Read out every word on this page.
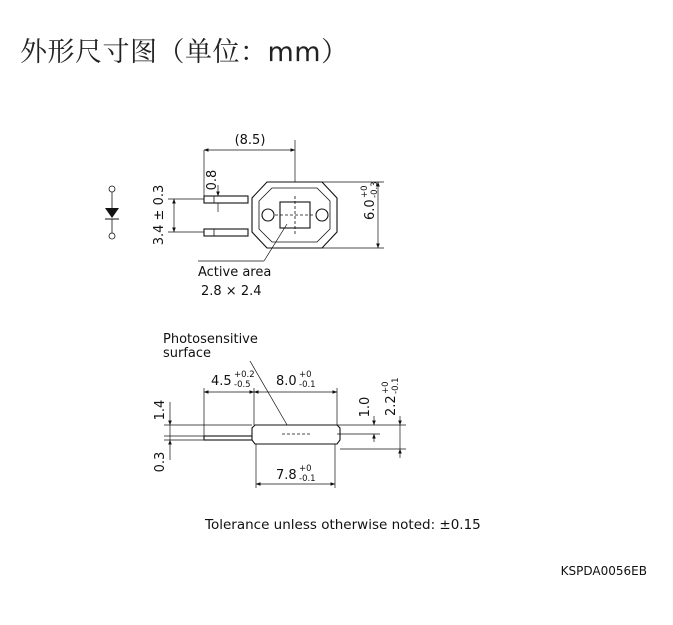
外形尺寸图（单位：mm）
(8.5)
0.8
3.4 ± 0.3	6.0
+0 -0.3
Active area
2.8 × 2.4
Photosensitive
surface
4.5 +0.2
-0.5 8.0 +0
-0.1
7.8 +0
-0.1
1.4
0.3
1.0 2.2
+0 -0.1
Tolerance unless otherwise noted: ±0.15
KSPDA0056EB
